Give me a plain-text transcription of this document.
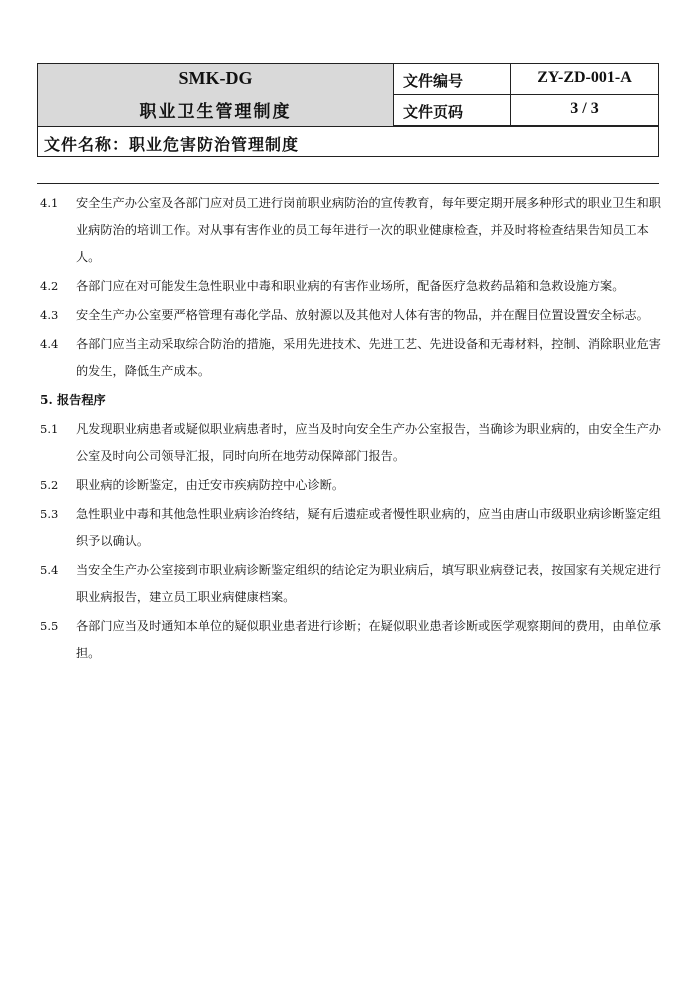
SMK-DG
职业卫生管理制度
文件编号	ZY-ZD-001-A
文件页码	3 / 3
文件名称：职业危害防治管理制度
4.1 安全生产办公室及各部门应对员工进行岗前职业病防治的宣传教育，每年要定期开展多种形式的职业卫生和职业病防治的培训工作。对从事有害作业的员工每年进行一次的职业健康检查，并及时将检查结果告知员工本人。
4.2 各部门应在对可能发生急性职业中毒和职业病的有害作业场所，配备医疗急救药品箱和急救设施方案。
4.3 安全生产办公室要严格管理有毒化学品、放射源以及其他对人体有害的物品，并在醒目位置设置安全标志。
4.4 各部门应当主动采取综合防治的措施，采用先进技术、先进工艺、先进设备和无毒材料，控制、消除职业危害的发生，降低生产成本。
5. 报告程序
5.1 凡发现职业病患者或疑似职业病患者时，应当及时向安全生产办公室报告，当确诊为职业病的，由安全生产办公室及时向公司领导汇报，同时向所在地劳动保障部门报告。
5.2 职业病的诊断鉴定，由迁安市疾病防控中心诊断。
5.3 急性职业中毒和其他急性职业病诊治终结，疑有后遗症或者慢性职业病的，应当由唐山市级职业病诊断鉴定组织予以确认。
5.4 当安全生产办公室接到市职业病诊断鉴定组织的结论定为职业病后，填写职业病登记表，按国家有关规定进行职业病报告，建立员工职业病健康档案。
5.5 各部门应当及时通知本单位的疑似职业患者进行诊断；在疑似职业患者诊断或医学观察期间的费用，由单位承担。
